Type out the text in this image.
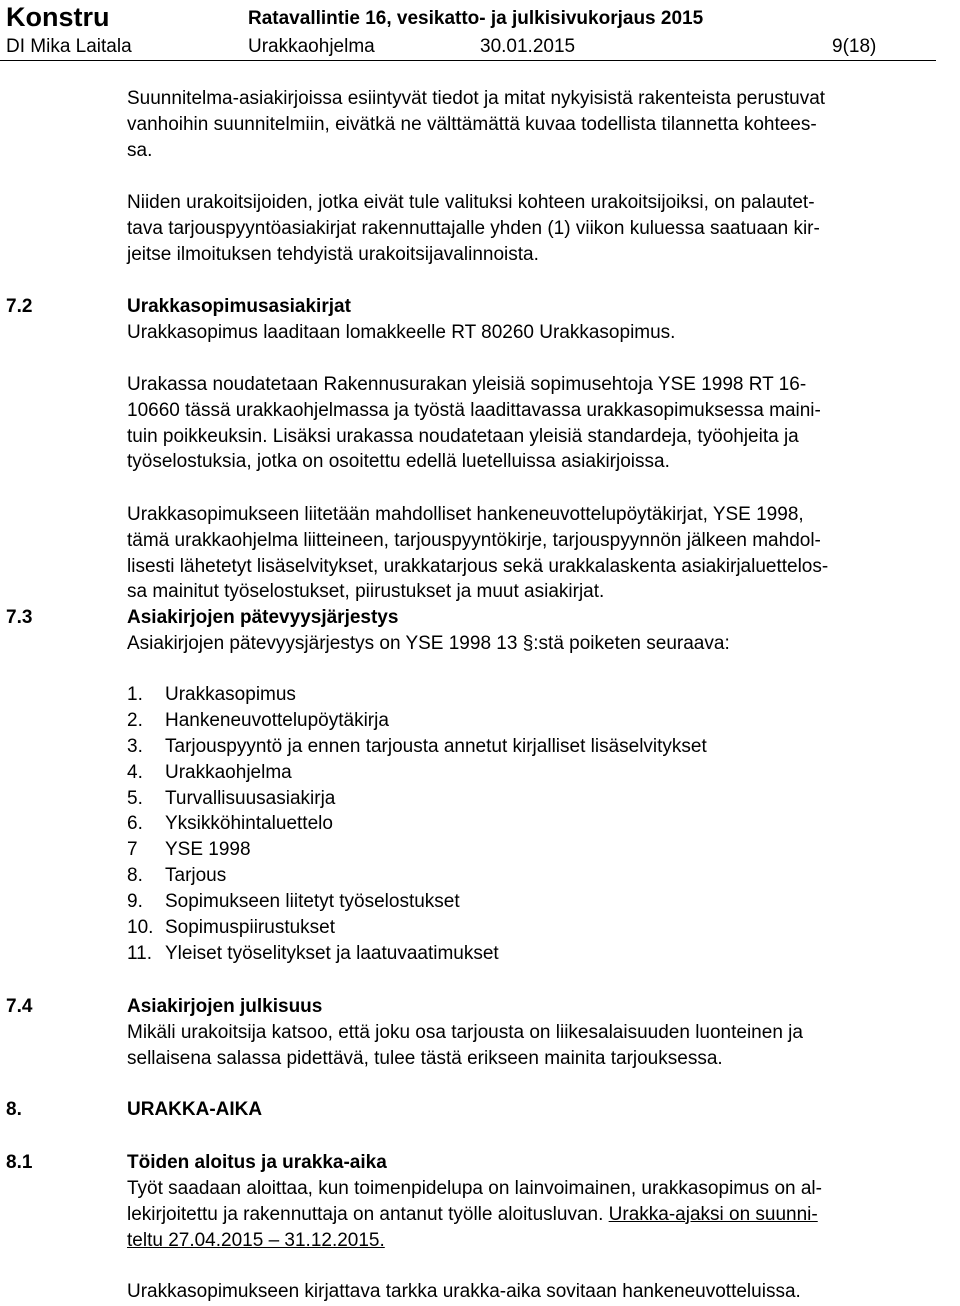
Konstru	Ratavallintie 16, vesikatto- ja julkisivukorjaus 2015
DI Mika Laitala	Urakkaohjelma	30.01.2015	9(18)
Suunnitelma-asiakirjoissa esiintyvät tiedot ja mitat nykyisistä rakenteista perustuvat
vanhoihin suunnitelmiin, eivätkä ne välttämättä kuvaa todellista tilannetta kohtees-
sa.
Niiden urakoitsijoiden, jotka eivät tule valituksi kohteen urakoitsijoiksi, on palautet-
tava tarjouspyyntöasiakirjat rakennuttajalle yhden (1) viikon kuluessa saatuaan kir-
jeitse ilmoituksen tehdyistä urakoitsijavalinnoista.
7.2	Urakkasopimusasiakirjat
Urakkasopimus laaditaan lomakkeelle RT 80260 Urakkasopimus.
Urakassa noudatetaan Rakennusurakan yleisiä sopimusehtoja YSE 1998 RT 16-
10660 tässä urakkaohjelmassa ja työstä laadittavassa urakkasopimuksessa maini-
tuin poikkeuksin. Lisäksi urakassa noudatetaan yleisiä standardeja, työohjeita ja
työselostuksia, jotka on osoitettu edellä luetelluissa asiakirjoissa.
Urakkasopimukseen liitetään mahdolliset hankeneuvottelupöytäkirjat, YSE 1998,
tämä urakkaohjelma liitteineen, tarjouspyyntökirje, tarjouspyynnön jälkeen mahdol-
lisesti lähetetyt lisäselvitykset, urakkatarjous sekä urakkalaskenta asiakirjaluettelos-
sa mainitut työselostukset, piirustukset ja muut asiakirjat.
7.3	Asiakirjojen pätevyysjärjestys
Asiakirjojen pätevyysjärjestys on YSE 1998 13 §:stä poiketen seuraava:
1. Urakkasopimus
2. Hankeneuvottelupöytäkirja
3. Tarjouspyyntö ja ennen tarjousta annetut kirjalliset lisäselvitykset
4. Urakkaohjelma
5. Turvallisuusasiakirja
6. Yksikköhintaluettelo
7 YSE 1998
8. Tarjous
9. Sopimukseen liitetyt työselostukset
10. Sopimuspiirustukset
11. Yleiset työselitykset ja laatuvaatimukset
7.4	Asiakirjojen julkisuus
Mikäli urakoitsija katsoo, että joku osa tarjousta on liikesalaisuuden luonteinen ja
sellaisena salassa pidettävä, tulee tästä erikseen mainita tarjouksessa.
8.	URAKKA-AIKA
8.1	Töiden aloitus ja urakka-aika
Työt saadaan aloittaa, kun toimenpidelupa on lainvoimainen, urakkasopimus on al-
lekirjoitettu ja rakennuttaja on antanut työlle aloitusluvan. Urakka-ajaksi on suunni-
teltu 27.04.2015 – 31.12.2015.
Urakkasopimukseen kirjattava tarkka urakka-aika sovitaan hankeneuvotteluissa.
